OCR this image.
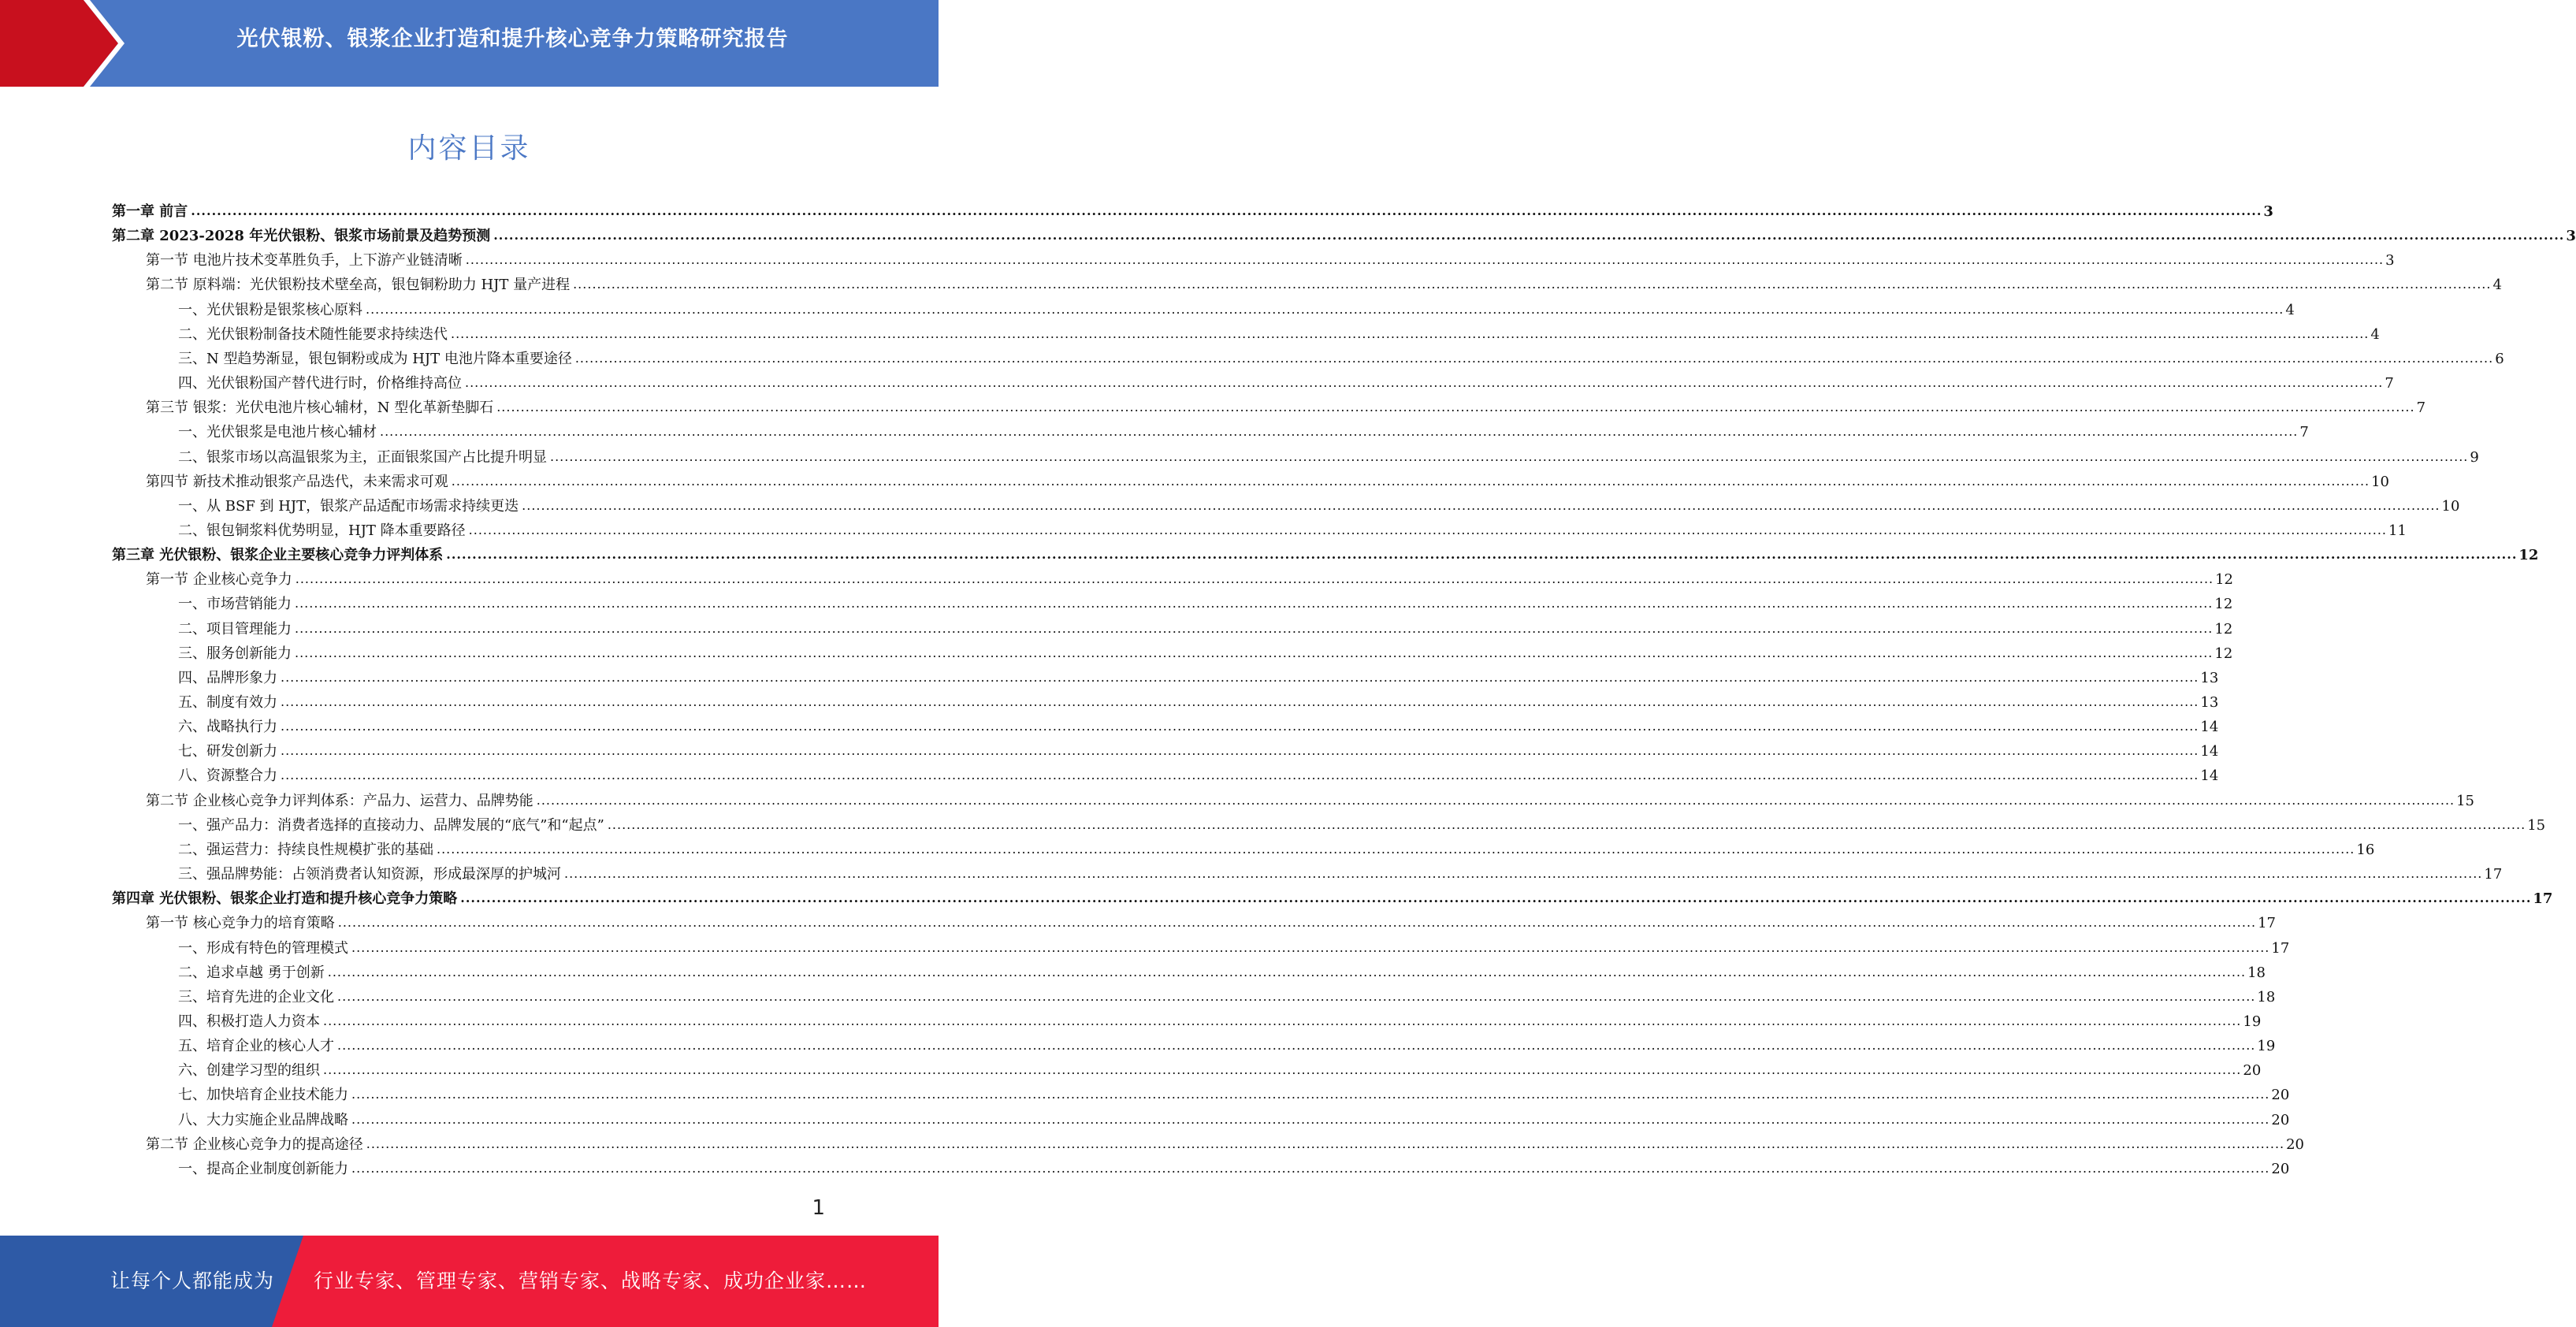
光伏银粉、银浆企业打造和提升核心竞争力策略研究报告
内容目录
第一章 前言 ................................................................................................................................................................................................................................................................................................................................................................................................................ 3
第二章 2023-2028 年光伏银粉、银浆市场前景及趋势预测 ................................................................................................................................................................................................................................................................................................................................................................................................................ 3
第一节 电池片技术变革胜负手，上下游产业链清晰 ................................................................................................................................................................................................................................................................................................................................................................................................................ 3
第二节 原料端：光伏银粉技术壁垒高，银包铜粉助力 HJT 量产进程 ................................................................................................................................................................................................................................................................................................................................................................................................................ 4
一、光伏银粉是银浆核心原料 ................................................................................................................................................................................................................................................................................................................................................................................................................ 4
二、光伏银粉制备技术随性能要求持续迭代 ................................................................................................................................................................................................................................................................................................................................................................................................................ 4
三、N 型趋势渐显，银包铜粉或成为 HJT 电池片降本重要途径 ................................................................................................................................................................................................................................................................................................................................................................................................................ 6
四、光伏银粉国产替代进行时，价格维持高位 ................................................................................................................................................................................................................................................................................................................................................................................................................ 7
第三节 银浆：光伏电池片核心辅材，N 型化革新垫脚石 ................................................................................................................................................................................................................................................................................................................................................................................................................ 7
一、光伏银浆是电池片核心辅材 ................................................................................................................................................................................................................................................................................................................................................................................................................ 7
二、银浆市场以高温银浆为主，正面银浆国产占比提升明显 ................................................................................................................................................................................................................................................................................................................................................................................................................ 9
第四节 新技术推动银浆产品迭代，未来需求可观 ................................................................................................................................................................................................................................................................................................................................................................................................................ 10
一、从 BSF 到 HJT，银浆产品适配市场需求持续更迭 ................................................................................................................................................................................................................................................................................................................................................................................................................ 10
二、银包铜浆料优势明显，HJT 降本重要路径 ................................................................................................................................................................................................................................................................................................................................................................................................................ 11
第三章 光伏银粉、银浆企业主要核心竞争力评判体系 ................................................................................................................................................................................................................................................................................................................................................................................................................ 12
第一节 企业核心竞争力 ................................................................................................................................................................................................................................................................................................................................................................................................................ 12
一、市场营销能力 ................................................................................................................................................................................................................................................................................................................................................................................................................ 12
二、项目管理能力 ................................................................................................................................................................................................................................................................................................................................................................................................................ 12
三、服务创新能力 ................................................................................................................................................................................................................................................................................................................................................................................................................ 12
四、品牌形象力 ................................................................................................................................................................................................................................................................................................................................................................................................................ 13
五、制度有效力 ................................................................................................................................................................................................................................................................................................................................................................................................................ 13
六、战略执行力 ................................................................................................................................................................................................................................................................................................................................................................................................................ 14
七、研发创新力 ................................................................................................................................................................................................................................................................................................................................................................................................................ 14
八、资源整合力 ................................................................................................................................................................................................................................................................................................................................................................................................................ 14
第二节 企业核心竞争力评判体系：产品力、运营力、品牌势能 ................................................................................................................................................................................................................................................................................................................................................................................................................ 15
一、强产品力：消费者选择的直接动力、品牌发展的“底气”和“起点” ................................................................................................................................................................................................................................................................................................................................................................................................................ 15
二、强运营力：持续良性规模扩张的基础 ................................................................................................................................................................................................................................................................................................................................................................................................................ 16
三、强品牌势能：占领消费者认知资源，形成最深厚的护城河 ................................................................................................................................................................................................................................................................................................................................................................................................................ 17
第四章 光伏银粉、银浆企业打造和提升核心竞争力策略 ................................................................................................................................................................................................................................................................................................................................................................................................................ 17
第一节 核心竞争力的培育策略 ................................................................................................................................................................................................................................................................................................................................................................................................................ 17
一、形成有特色的管理模式 ................................................................................................................................................................................................................................................................................................................................................................................................................ 17
二、追求卓越 勇于创新 ................................................................................................................................................................................................................................................................................................................................................................................................................ 18
三、培育先进的企业文化 ................................................................................................................................................................................................................................................................................................................................................................................................................ 18
四、积极打造人力资本 ................................................................................................................................................................................................................................................................................................................................................................................................................ 19
五、培育企业的核心人才 ................................................................................................................................................................................................................................................................................................................................................................................................................ 19
六、创建学习型的组织 ................................................................................................................................................................................................................................................................................................................................................................................................................ 20
七、加快培育企业技术能力 ................................................................................................................................................................................................................................................................................................................................................................................................................ 20
八、大力实施企业品牌战略 ................................................................................................................................................................................................................................................................................................................................................................................................................ 20
第二节 企业核心竞争力的提高途径 ................................................................................................................................................................................................................................................................................................................................................................................................................ 20
一、提高企业制度创新能力 ................................................................................................................................................................................................................................................................................................................................................................................................................ 20
1
让每个人都能成为 行业专家、管理专家、营销专家、战略专家、成功企业家……
